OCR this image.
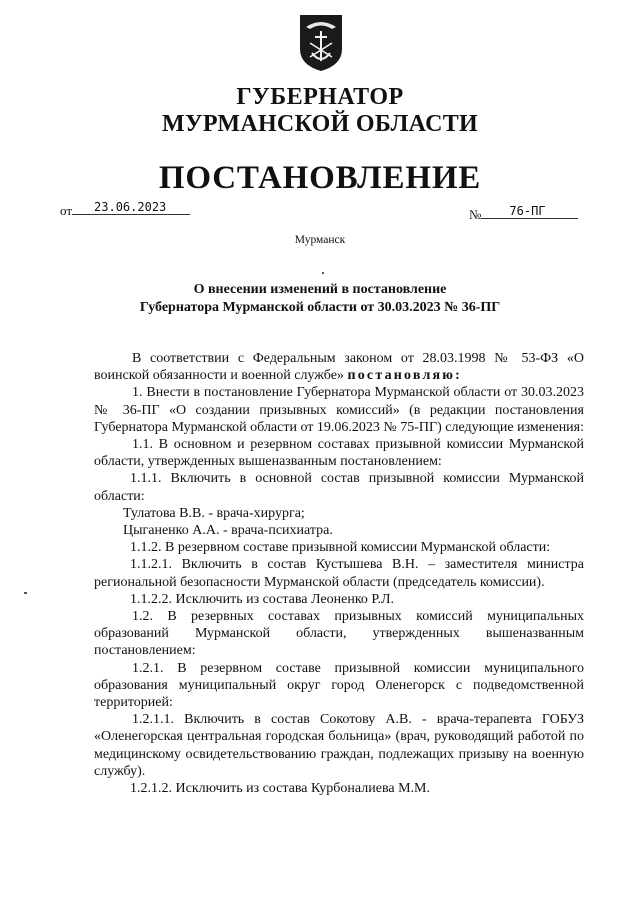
ГУБЕРНАТОР
МУРМАНСКОЙ ОБЛАСТИ
ПОСТАНОВЛЕНИЕ
от 23.06.2023	№ 76-ПГ
Мурманск
О внесении изменений в постановление
Губернатора Мурманской области от 30.03.2023 № 36-ПГ

В соответствии с Федеральным законом от 28.03.1998 № 53-ФЗ «О воинской обязанности и военной службе» постановляю:

1. Внести в постановление Губернатора Мурманской области от 30.03.2023 № 36-ПГ «О создании призывных комиссий» (в редакции постановления Губернатора Мурманской области от 19.06.2023 № 75-ПГ) следующие изменения:

1.1. В основном и резервном составах призывной комиссии Мурманской области, утвержденных вышеназванным постановлением:

1.1.1. Включить в основной состав призывной комиссии Мурманской области:

Тулатова В.В. - врача-хирурга;

Цыганенко А.А. - врача-психиатра.

1.1.2. В резервном составе призывной комиссии Мурманской области:

1.1.2.1. Включить в состав Кустышева В.Н. – заместителя министра региональной безопасности Мурманской области (председатель комиссии).

1.1.2.2. Исключить из состава Леоненко Р.Л.

1.2. В резервных составах призывных комиссий муниципальных образований Мурманской области, утвержденных вышеназванным постановлением:

1.2.1. В резервном составе призывной комиссии муниципального образования муниципальный округ город Оленегорск с подведомственной территорией:

1.2.1.1. Включить в состав Сокотову А.В. - врача-терапевта ГОБУЗ «Оленегорская центральная городская больница» (врач, руководящий работой по медицинскому освидетельствованию граждан, подлежащих призыву на военную службу).

1.2.1.2. Исключить из состава Курбоналиева М.М.
